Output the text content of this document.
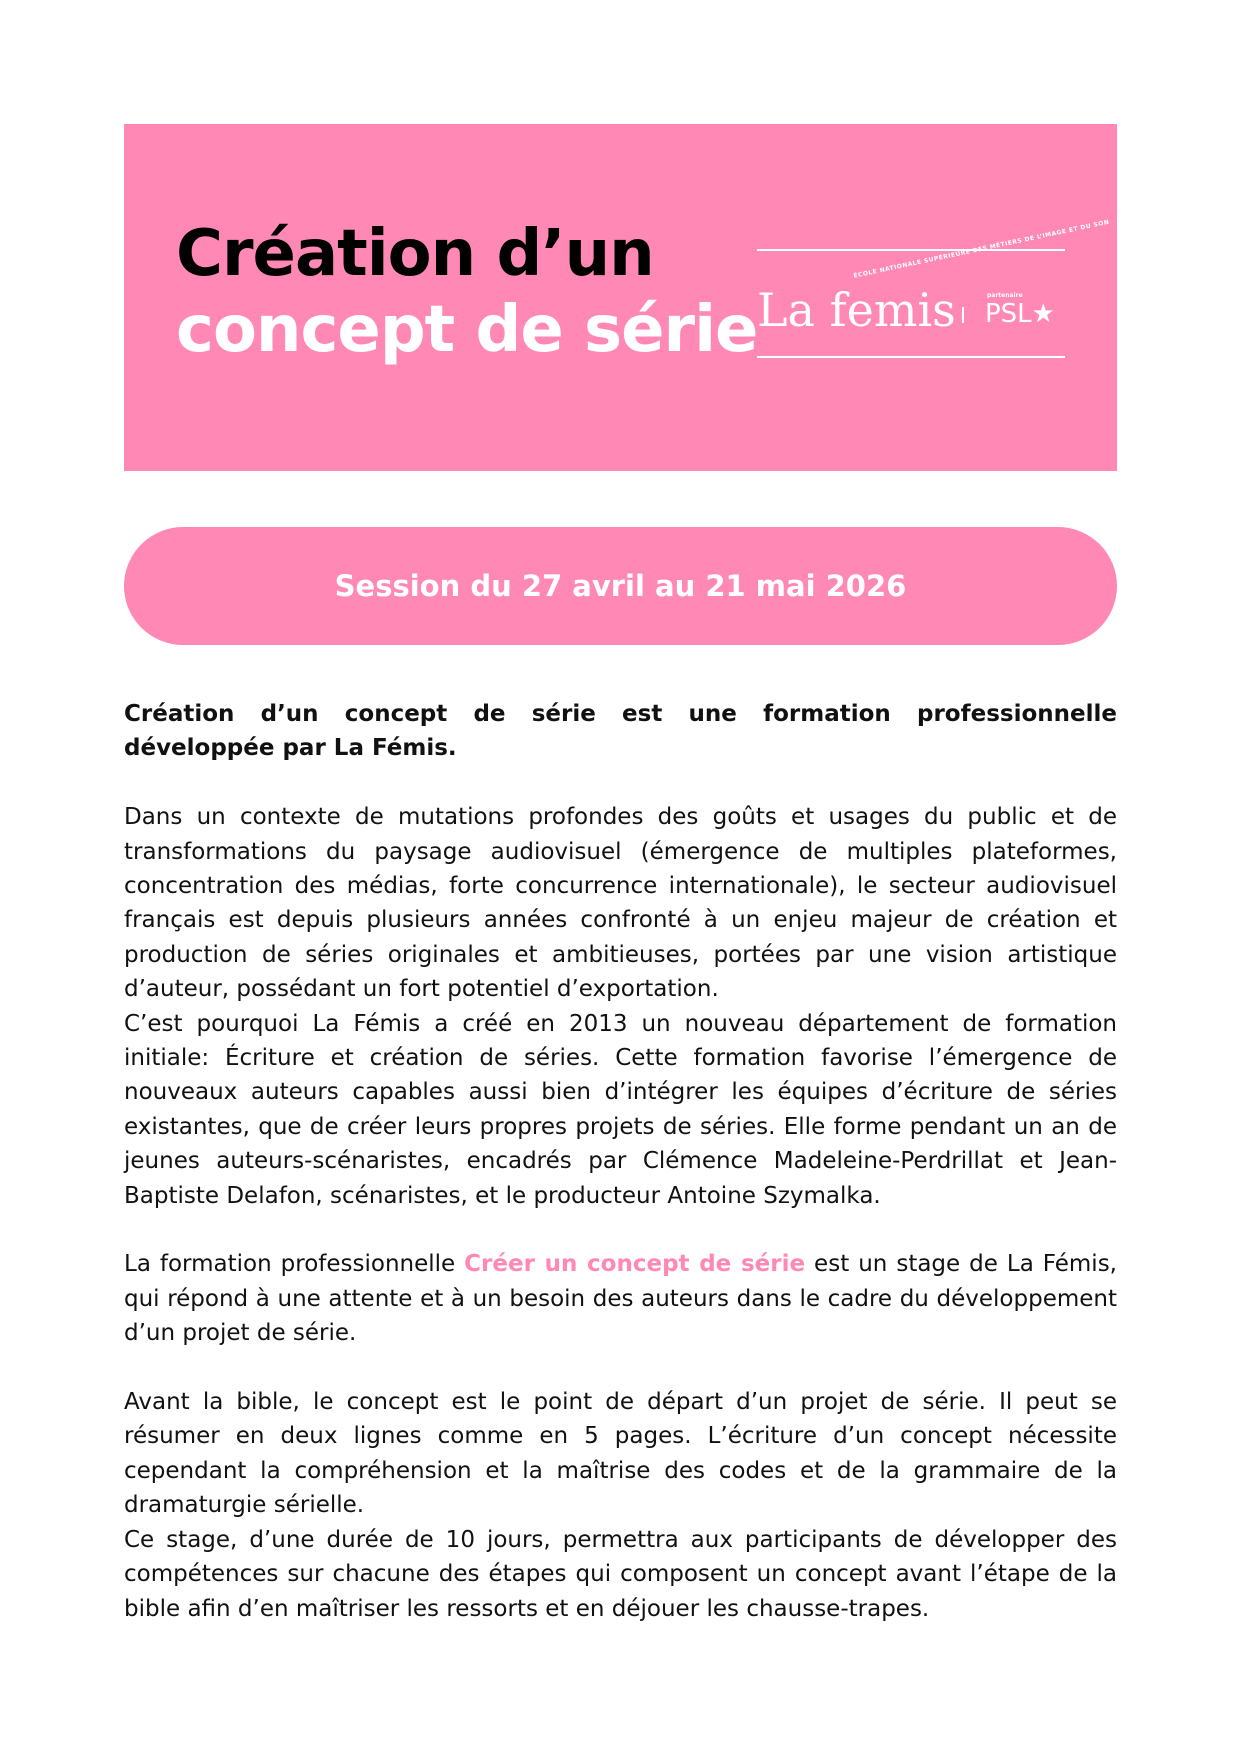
Création d’un
concept de série
ÉCOLE NATIONALE SUPÉRIEURE DES MÉTIERS DE L’IMAGE ET DU SON
La femis	partenaire
PSL★
Session du 27 avril au 21 mai 2026

Création d’un concept de série est une formation professionnelle développée par La Fémis.

Dans un contexte de mutations profondes des goûts et usages du public et de transformations du paysage audiovisuel (émergence de multiples plateformes, concentration des médias, forte concurrence internationale), le secteur audiovisuel français est depuis plusieurs années confronté à un enjeu majeur de création et production de séries originales et ambitieuses, portées par une vision artistique d’auteur, possédant un fort potentiel d’exportation.

C’est pourquoi La Fémis a créé en 2013 un nouveau département de formation initiale: Écriture et création de séries. Cette formation favorise l’émergence de nouveaux auteurs capables aussi bien d’intégrer les équipes d’écriture de séries existantes, que de créer leurs propres projets de séries. Elle forme pendant un an de jeunes auteurs-scénaristes, encadrés par Clémence Madeleine-Perdrillat et Jean-Baptiste Delafon, scénaristes, et le producteur Antoine Szymalka.

La formation professionnelle Créer un concept de série est un stage de La Fémis, qui répond à une attente et à un besoin des auteurs dans le cadre du développement d’un projet de série.

Avant la bible, le concept est le point de départ d’un projet de série. Il peut se résumer en deux lignes comme en 5 pages. L’écriture d’un concept nécessite cependant la compréhension et la maîtrise des codes et de la grammaire de la dramaturgie sérielle.

Ce stage, d’une durée de 10 jours, permettra aux participants de développer des compétences sur chacune des étapes qui composent un concept avant l’étape de la bible afin d’en maîtriser les ressorts et en déjouer les chausse-trapes.
